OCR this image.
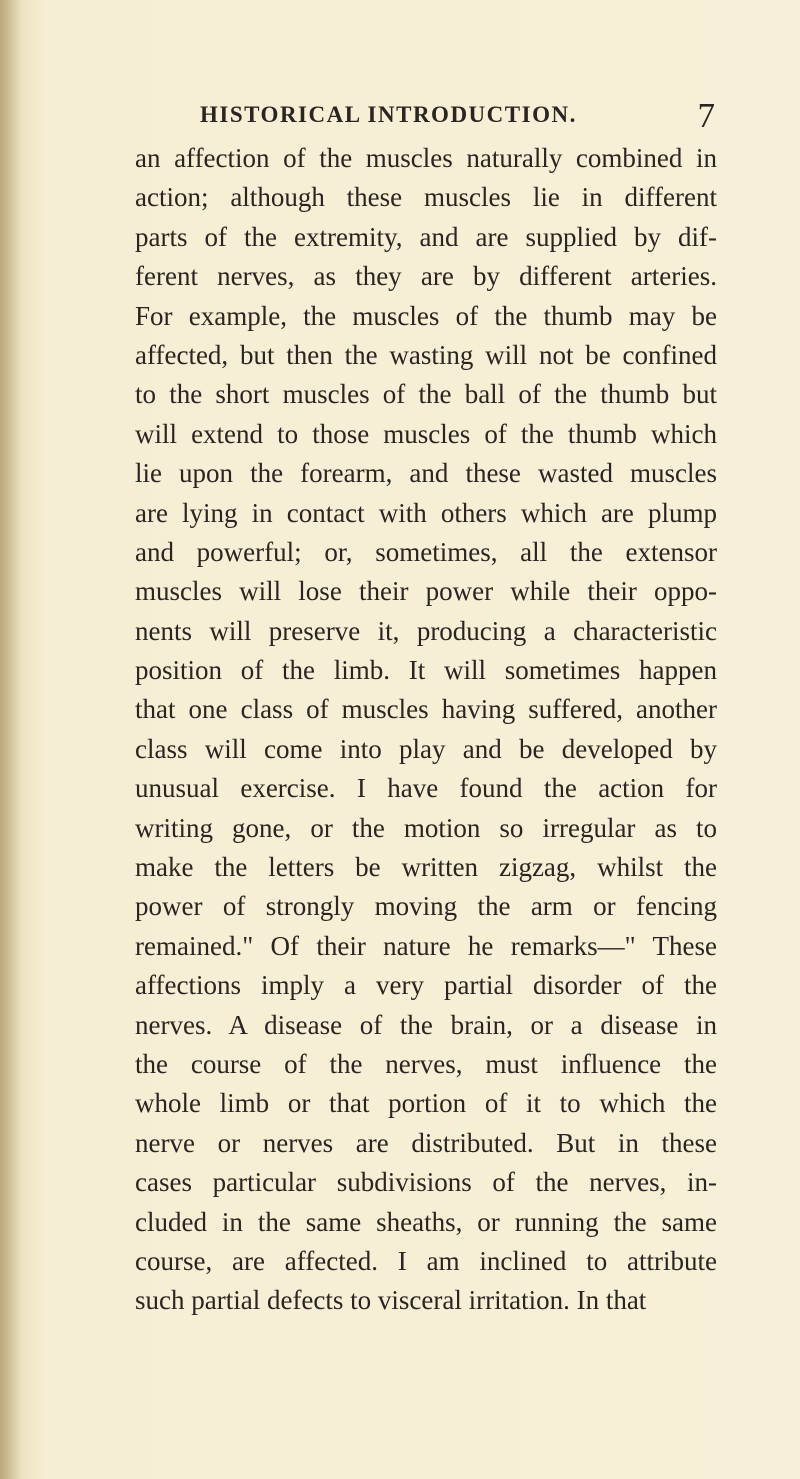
HISTORICAL INTRODUCTION.	7
an affection of the muscles naturally combined in
action; although these muscles lie in different
parts of the extremity, and are supplied by dif-
ferent nerves, as they are by different arteries.
For example, the muscles of the thumb may be
affected, but then the wasting will not be confined
to the short muscles of the ball of the thumb but
will extend to those muscles of the thumb which
lie upon the forearm, and these wasted muscles
are lying in contact with others which are plump
and powerful; or, sometimes, all the extensor
muscles will lose their power while their oppo-
nents will preserve it, producing a characteristic
position of the limb. It will sometimes happen
that one class of muscles having suffered, another
class will come into play and be developed by
unusual exercise. I have found the action for
writing gone, or the motion so irregular as to
make the letters be written zigzag, whilst the
power of strongly moving the arm or fencing
remained." Of their nature he remarks—" These
affections imply a very partial disorder of the
nerves. A disease of the brain, or a disease in
the course of the nerves, must influence the
whole limb or that portion of it to which the
nerve or nerves are distributed. But in these
cases particular subdivisions of the nerves, in-
cluded in the same sheaths, or running the same
course, are affected. I am inclined to attribute
such partial defects to visceral irritation. In that
